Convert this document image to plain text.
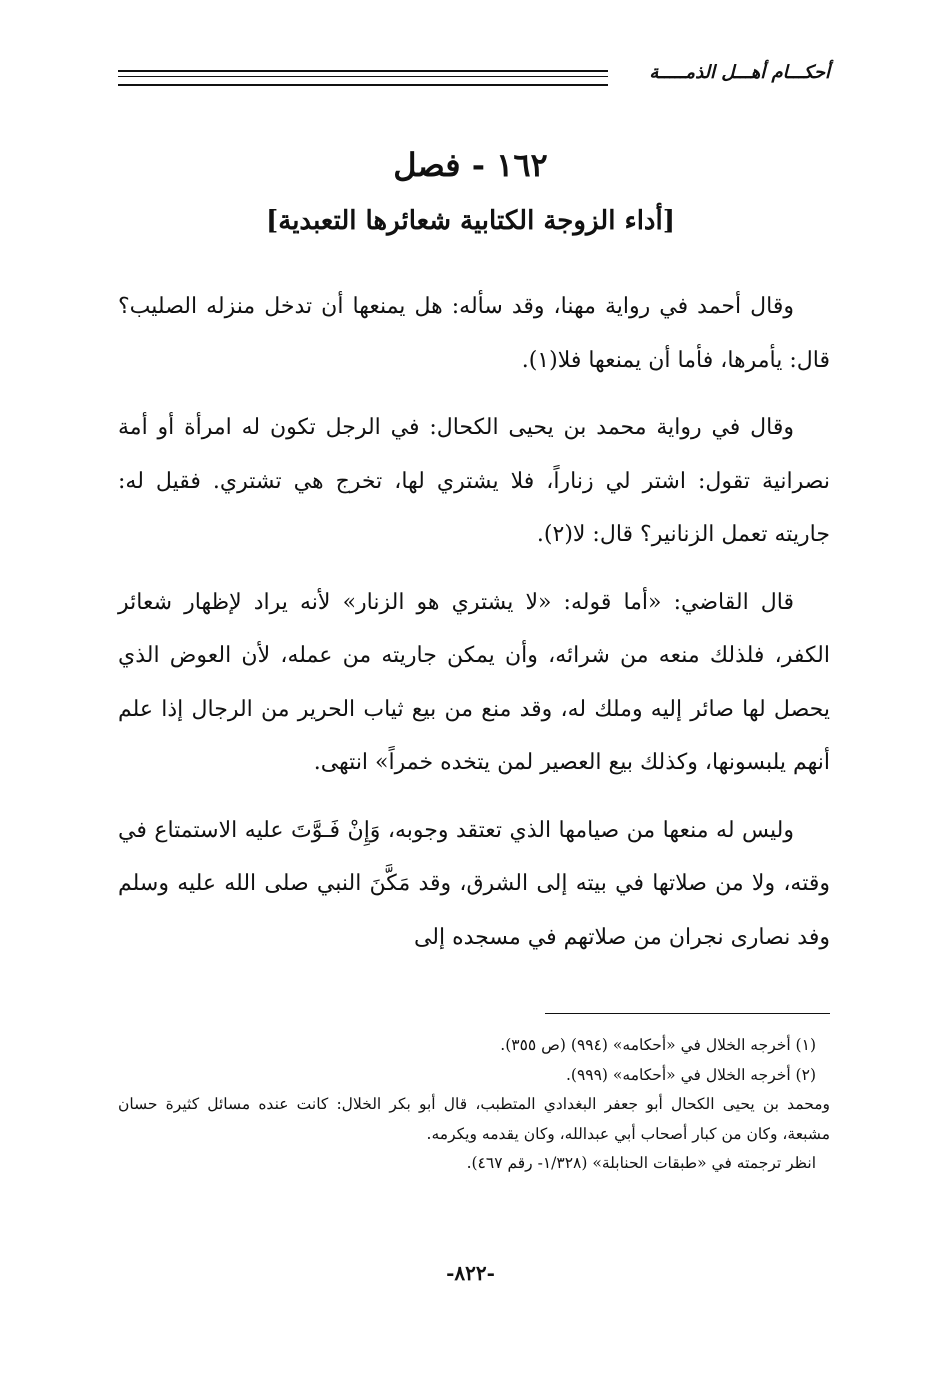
أحكـــام أهـــل الذمـــــة
١٦٢ - فصل
[أداء الزوجة الكتابية شعائرها التعبدية]

وقال أحمد في رواية مهنا، وقد سأله: هل يمنعها أن تدخل منزله الصليب؟ قال: يأمرها، فأما أن يمنعها فلا(١).

وقال في رواية محمد بن يحيى الكحال: في الرجل تكون له امرأة أو أمة نصرانية تقول: اشتر لي زناراً، فلا يشتري لها، تخرج هي تشتري. فقيل له: جاريته تعمل الزنانير؟ قال: لا(٢).

قال القاضي: «أما قوله: «لا يشتري هو الزنار» لأنه يراد لإظهار شعائر الكفر، فلذلك منعه من شرائه، وأن يمكن جاريته من عمله، لأن العوض الذي يحصل لها صائر إليه وملك له، وقد منع من بيع ثياب الحرير من الرجال إذا علم أنهم يلبسونها، وكذلك بيع العصير لمن يتخده خمراً» انتهى.

وليس له منعها من صيامها الذي تعتقد وجوبه، وَإِنْ فَـوَّتَ عليه الاستمتاع في وقته، ولا من صلاتها في بيته إلى الشرق، وقد مَكَّنَ النبي صلى الله عليه وسلم وفد نصارى نجران من صلاتهم في مسجده إلى

(١) أخرجه الخلال في «أحكامه» (٩٩٤) (ص ٣٥٥).

(٢) أخرجه الخلال في «أحكامه» (٩٩٩).

ومحمد بن يحيى الكحال أبو جعفر البغدادي المتطبب، قال أبو بكر الخلال: كانت عنده مسائل كثيرة حسان مشبعة، وكان من كبار أصحاب أبي عبدالله، وكان يقدمه ويكرمه.

انظر ترجمته في «طبقات الحنابلة» (١/٣٢٨- رقم ٤٦٧).

-٨٢٢-
